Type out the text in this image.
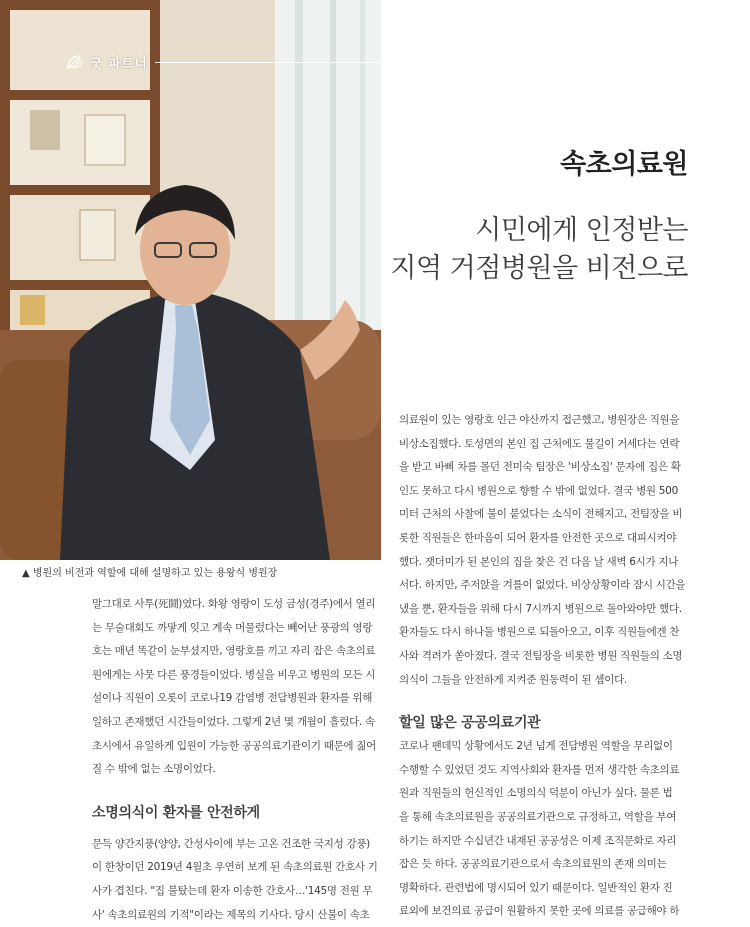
굿 파트너
▲ 병원의 비전과 역할에 대해 설명하고 있는 용왕식 병원장
속초의료원
시민에게 인정받는
지역 거점병원을 비전으로
말그대로 사투(死鬪)였다. 화왕 영랑이 도성 금성(경주)에서 열리
는 무술대회도 까맣게 잊고 계속 머물렀다는 빼어난 풍광의 영랑
호는 매년 똑같이 눈부셨지만, 영랑호를 끼고 자리 잡은 속초의료
원에게는 사뭇 다른 풍경들이었다. 병실을 비우고 병원의 모든 시
설이나 직원이 오롯이 코로나19 감염병 전담병원과 환자를 위해
일하고 존재했던 시간들이었다. 그렇게 2년 몇 개월이 흘렀다. 속
초시에서 유일하게 입원이 가능한 공공의료기관이기 때문에 짊어
질 수 밖에 없는 소명이었다.
소명의식이 환자를 안전하게
문득 양간지풍(양양, 간성사이에 부는 고온 건조한 국지성 강풍)
이 한창이던 2019년 4월초 우연히 보게 된 속초의료원 간호사 기
사가 겹친다. "집 불탔는데 환자 이송한 간호사…'145명 전원 무
사' 속초의료원의 기적"이라는 제목의 기사다. 당시 산불이 속초
의료원이 있는 영랑호 인근 야산까지 접근했고, 병원장은 직원을
비상소집했다. 토성면의 본인 집 근처에도 불길이 거세다는 연락
을 받고 바삐 차를 몰던 전미숙 팀장은 '비상소집' 문자에 집은 확
인도 못하고 다시 병원으로 향할 수 밖에 없었다. 결국 병원 500
미터 근처의 사찰에 불이 붙었다는 소식이 전해지고, 전팀장을 비
롯한 직원들은 한마음이 되어 환자를 안전한 곳으로 대피시켜야
했다. 잿더미가 된 본인의 집을 찾은 건 다음 날 새벽 6시가 지나
서다. 하지만, 주저앉을 겨를이 없었다. 비상상황이라 잠시 시간을
냈을 뿐, 환자들을 위해 다시 7시까지 병원으로 돌아와야만 했다.
환자들도 다시 하나둘 병원으로 되돌아오고, 이후 직원들에겐 찬
사와 격려가 쏟아졌다. 결국 전팀장을 비롯한 병원 직원들의 소명
의식이 그들을 안전하게 지켜준 원동력이 된 셈이다.
할일 많은 공공의료기관
코로나 팬데믹 상황에서도 2년 넘게 전담병원 역할을 무리없이
수행할 수 있었던 것도 지역사회와 환자를 먼저 생각한 속초의료
원과 직원들의 헌신적인 소명의식 덕분이 아닌가 싶다. 물론 법
을 통해 속초의료원을 공공의료기관으로 규정하고, 역할을 부여
하기는 하지만 수십년간 내재된 공공성은 이제 조직문화로 자리
잡은 듯 하다. 공공의료기관으로서 속초의료원의 존재 의미는
명확하다. 관련법에 명시되어 있기 때문이다. 일반적인 환자 진
료외에 보건의료 공급이 원활하지 못한 곳에 의료를 공급해야 하
